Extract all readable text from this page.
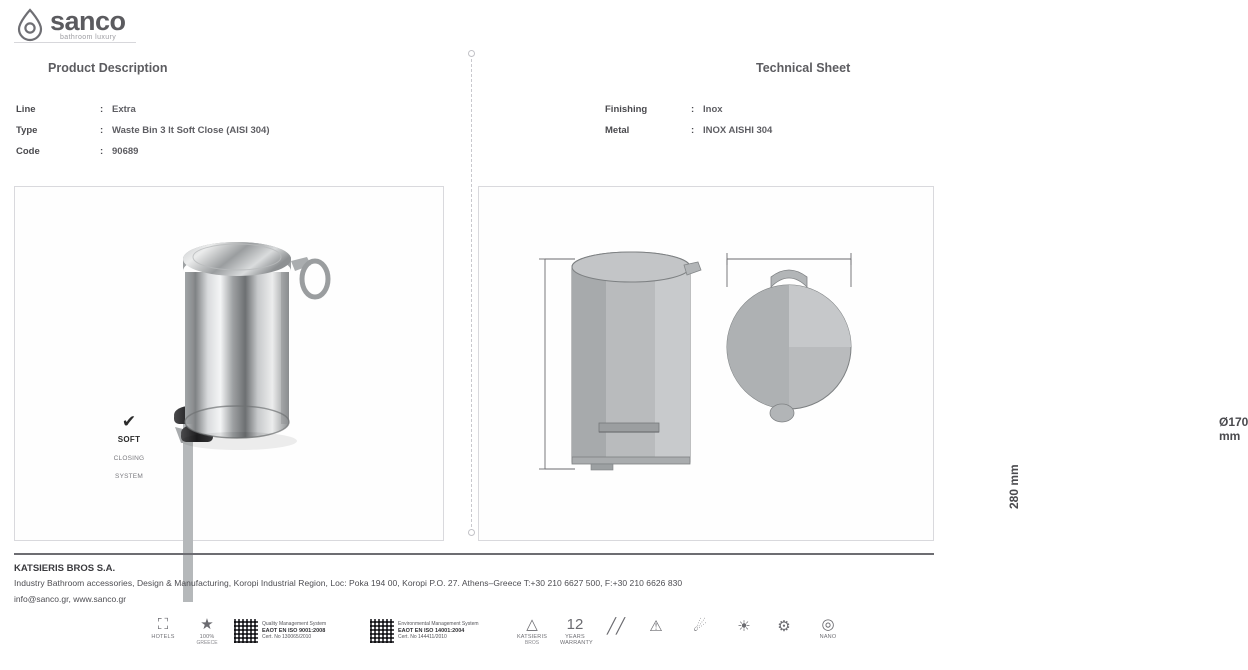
sanco
bathroom luxury
Product Description	Technical Sheet
Line	: Extra
Type	: Waste Bin 3 lt Soft Close (AISI 304)
Code	: 90689
Finishing	: Inox
Metal	: INOX AISHI 304
✔
SOFT CLOSING SYSTEM	280 mm
Ø170 mm
KATSIERIS BROS S.A.
Industry Bathroom accessories, Design & Manufacturing, Koropi Industrial Region, Loc: Poka 194 00, Koropi P.O. 27. Athens–Greece T:+30 210 6627 500, F:+30 210 6626 830
info@sanco.gr, www.sanco.gr
⛶
HOTELS
★
100%
GREECE
Quality Management System
EAOT EN ISO 9001:2008
Cert. No 130065/2010
Environmental Management System
EAOT EN ISO 14001:2004
Cert. No 144411/2010
△
KATSIERIS
BROS
12
YEARS WARRANTY
╱╱	⚠	☄	☀	⚙	◎
NANO
